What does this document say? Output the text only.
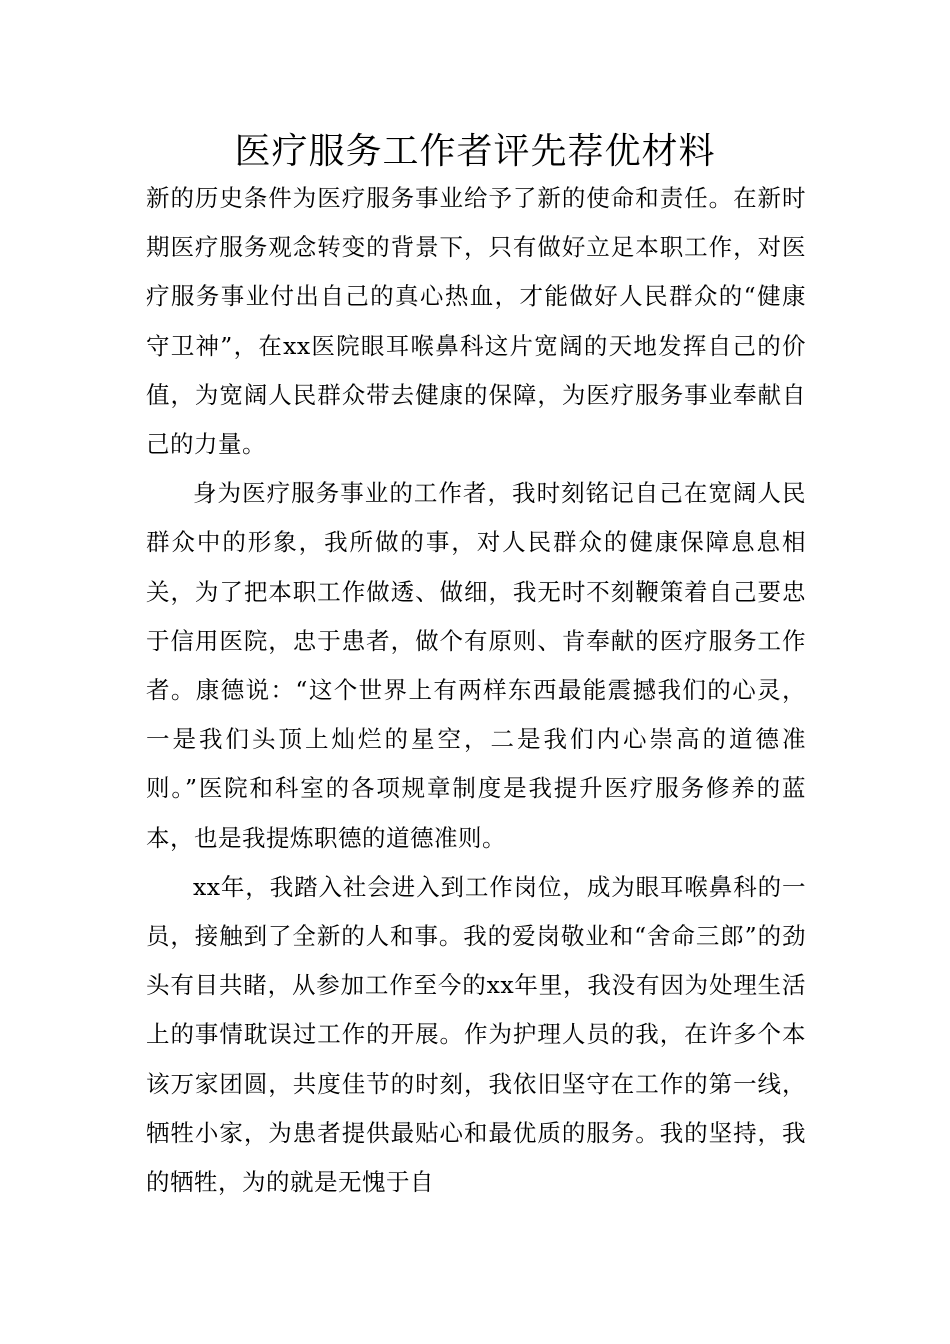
医疗服务工作者评先荐优材料

新的历史条件为医疗服务事业给予了新的使命和责任。在新时期医疗服务观念转变的背景下，只有做好立足本职工作，对医疗服务事业付出自己的真心热血，才能做好人民群众的“健康守卫神”，在xx医院眼耳喉鼻科这片宽阔的天地发挥自己的价值，为宽阔人民群众带去健康的保障，为医疗服务事业奉献自己的力量。

身为医疗服务事业的工作者，我时刻铭记自己在宽阔人民群众中的形象，我所做的事，对人民群众的健康保障息息相关，为了把本职工作做透、做细，我无时不刻鞭策着自己要忠于信用医院，忠于患者，做个有原则、肯奉献的医疗服务工作者。康德说：“这个世界上有两样东西最能震撼我们的心灵，一是我们头顶上灿烂的星空，二是我们内心崇高的道德准则。”医院和科室的各项规章制度是我提升医疗服务修养的蓝本，也是我提炼职德的道德准则。

xx年，我踏入社会进入到工作岗位，成为眼耳喉鼻科的一员，接触到了全新的人和事。我的爱岗敬业和“舍命三郎”的劲头有目共睹，从参加工作至今的xx年里，我没有因为处理生活上的事情耽误过工作的开展。作为护理人员的我，在许多个本该万家团圆，共度佳节的时刻，我依旧坚守在工作的第一线，牺牲小家，为患者提供最贴心和最优质的服务。我的坚持，我的牺牲，为的就是无愧于自
